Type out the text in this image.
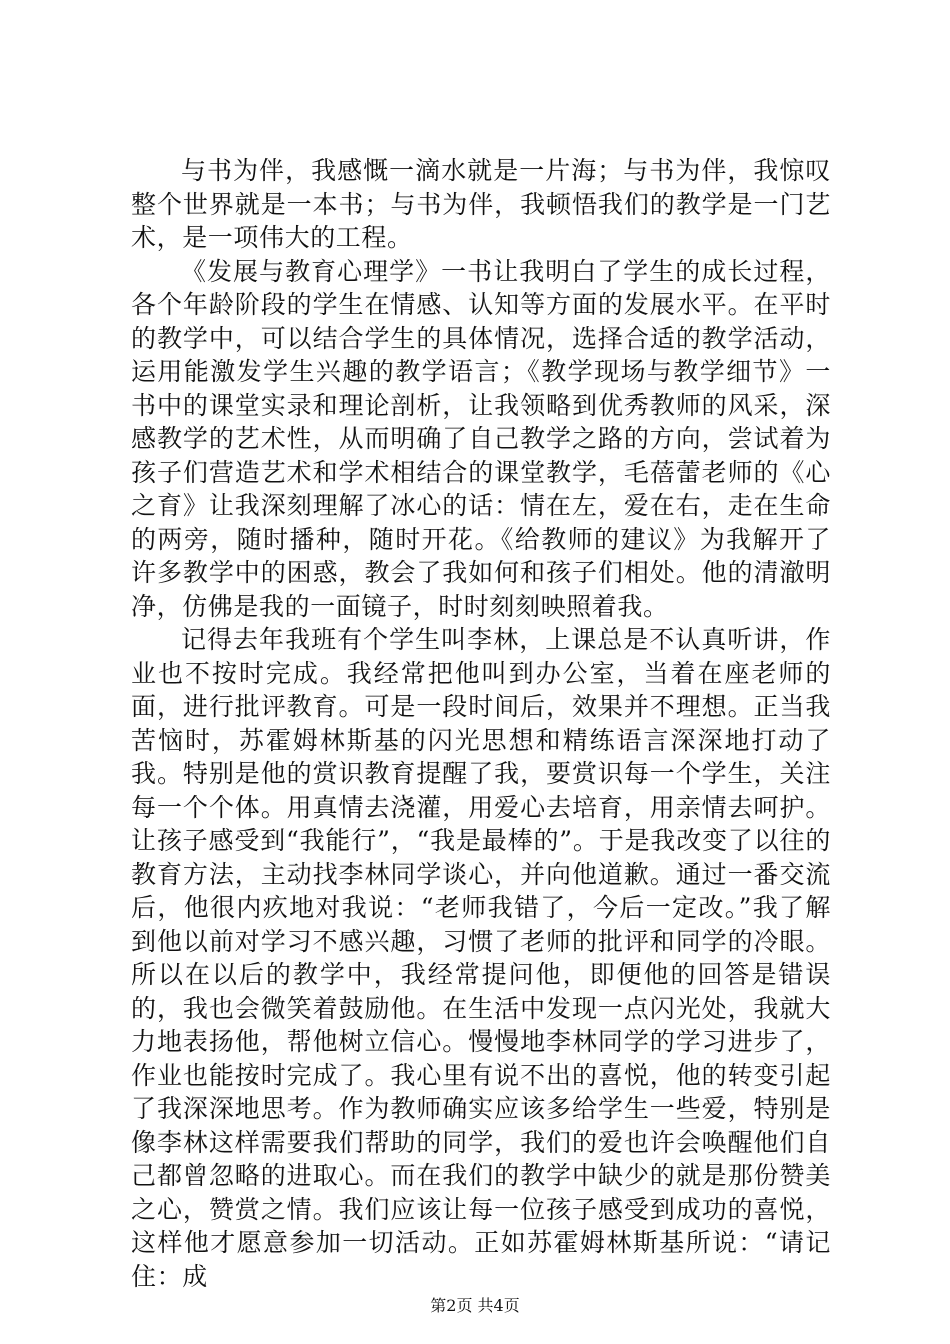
与书为伴，我感慨一滴水就是一片海；与书为伴，我惊叹整个世界就是一本书；与书为伴，我顿悟我们的教学是一门艺术，是一项伟大的工程。

《发展与教育心理学》一书让我明白了学生的成长过程，各个年龄阶段的学生在情感、认知等方面的发展水平。在平时的教学中，可以结合学生的具体情况，选择合适的教学活动，运用能激发学生兴趣的教学语言；《教学现场与教学细节》一书中的课堂实录和理论剖析，让我领略到优秀教师的风采，深感教学的艺术性，从而明确了自己教学之路的方向，尝试着为孩子们营造艺术和学术相结合的课堂教学，毛蓓蕾老师的《心之育》让我深刻理解了冰心的话：情在左，爱在右，走在生命的两旁，随时播种，随时开花。《给教师的建议》为我解开了许多教学中的困惑，教会了我如何和孩子们相处。他的清澈明净，仿佛是我的一面镜子，时时刻刻映照着我。

记得去年我班有个学生叫李林，上课总是不认真听讲，作业也不按时完成。我经常把他叫到办公室，当着在座老师的面，进行批评教育。可是一段时间后，效果并不理想。正当我苦恼时，苏霍姆林斯基的闪光思想和精练语言深深地打动了我。特别是他的赏识教育提醒了我，要赏识每一个学生，关注每一个个体。用真情去浇灌，用爱心去培育，用亲情去呵护。让孩子感受到“我能行”，“我是最棒的”。于是我改变了以往的教育方法，主动找李林同学谈心，并向他道歉。通过一番交流后，他很内疚地对我说：“老师我错了，今后一定改。”我了解到他以前对学习不感兴趣，习惯了老师的批评和同学的冷眼。所以在以后的教学中，我经常提问他，即便他的回答是错误的，我也会微笑着鼓励他。在生活中发现一点闪光处，我就大力地表扬他，帮他树立信心。慢慢地李林同学的学习进步了，作业也能按时完成了。我心里有说不出的喜悦，他的转变引起了我深深地思考。作为教师确实应该多给学生一些爱，特别是像李林这样需要我们帮助的同学，我们的爱也许会唤醒他们自己都曾忽略的进取心。而在我们的教学中缺少的就是那份赞美之心，赞赏之情。我们应该让每一位孩子感受到成功的喜悦，这样他才愿意参加一切活动。正如苏霍姆林斯基所说：“请记住：成

第2页 共4页
